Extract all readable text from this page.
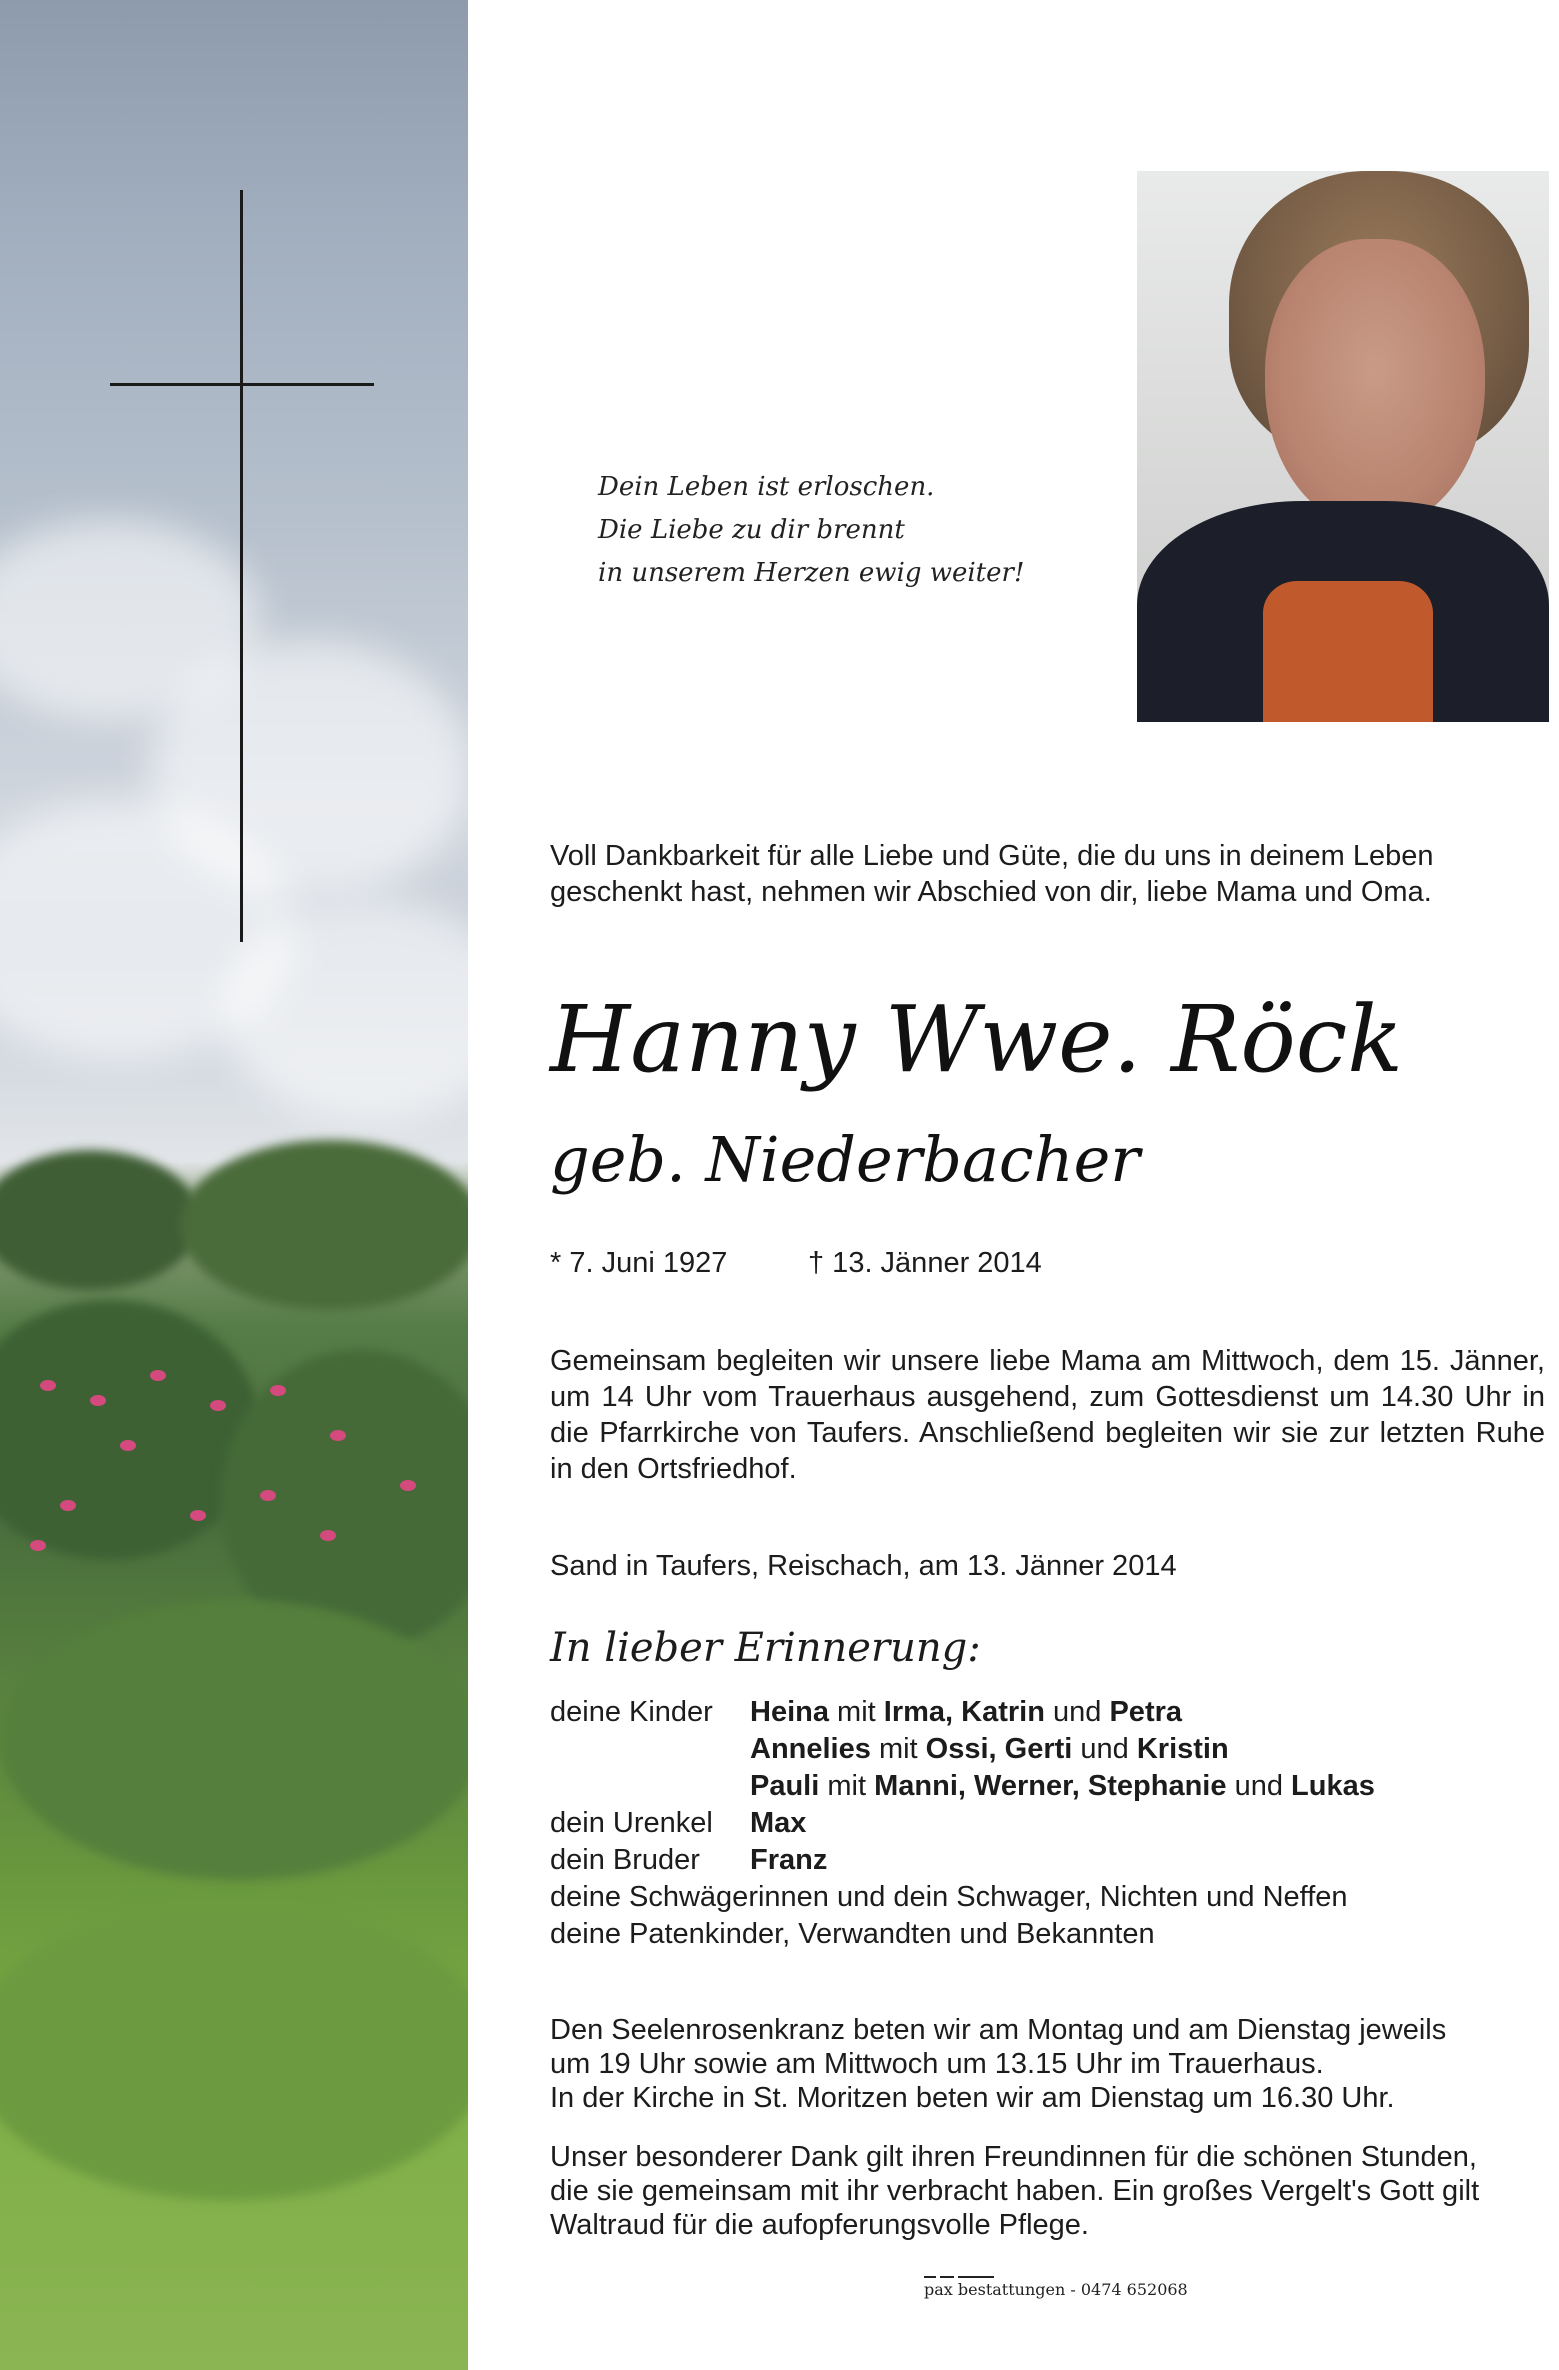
Dein Leben ist erloschen.
Die Liebe zu dir brennt
in unserem Herzen ewig weiter!
Voll Dankbarkeit für alle Liebe und Güte, die du uns in deinem Leben geschenkt hast, nehmen wir Abschied von dir, liebe Mama und Oma.
Hanny Wwe. Röck
geb. Niederbacher
* 7. Juni 1927	† 13. Jänner 2014
Gemeinsam begleiten wir unsere liebe Mama am Mittwoch, dem 15. Jänner, um 14 Uhr vom Trauerhaus ausgehend, zum Gottesdienst um 14.30 Uhr in die Pfarrkirche von Taufers. Anschließend begleiten wir sie zur letzten Ruhe in den Ortsfriedhof.
Sand in Taufers, Reischach, am 13. Jänner 2014
In lieber Erinnerung:
deine Kinder	Heina mit Irma, Katrin und Petra
Annelies mit Ossi, Gerti und Kristin
Pauli mit Manni, Werner, Stephanie und Lukas
dein Urenkel	Max
dein Bruder	Franz
deine Schwägerinnen und dein Schwager, Nichten und Neffen
deine Patenkinder, Verwandten und Bekannten
Den Seelenrosenkranz beten wir am Montag und am Dienstag jeweils
um 19 Uhr sowie am Mittwoch um 13.15 Uhr im Trauerhaus.
In der Kirche in St. Moritzen beten wir am Dienstag um 16.30 Uhr.
Unser besonderer Dank gilt ihren Freundinnen für die schönen Stunden,
die sie gemeinsam mit ihr verbracht haben. Ein großes Vergelt's Gott gilt
Waltraud für die aufopferungsvolle Pflege.
pax bestattungen - 0474 652068
